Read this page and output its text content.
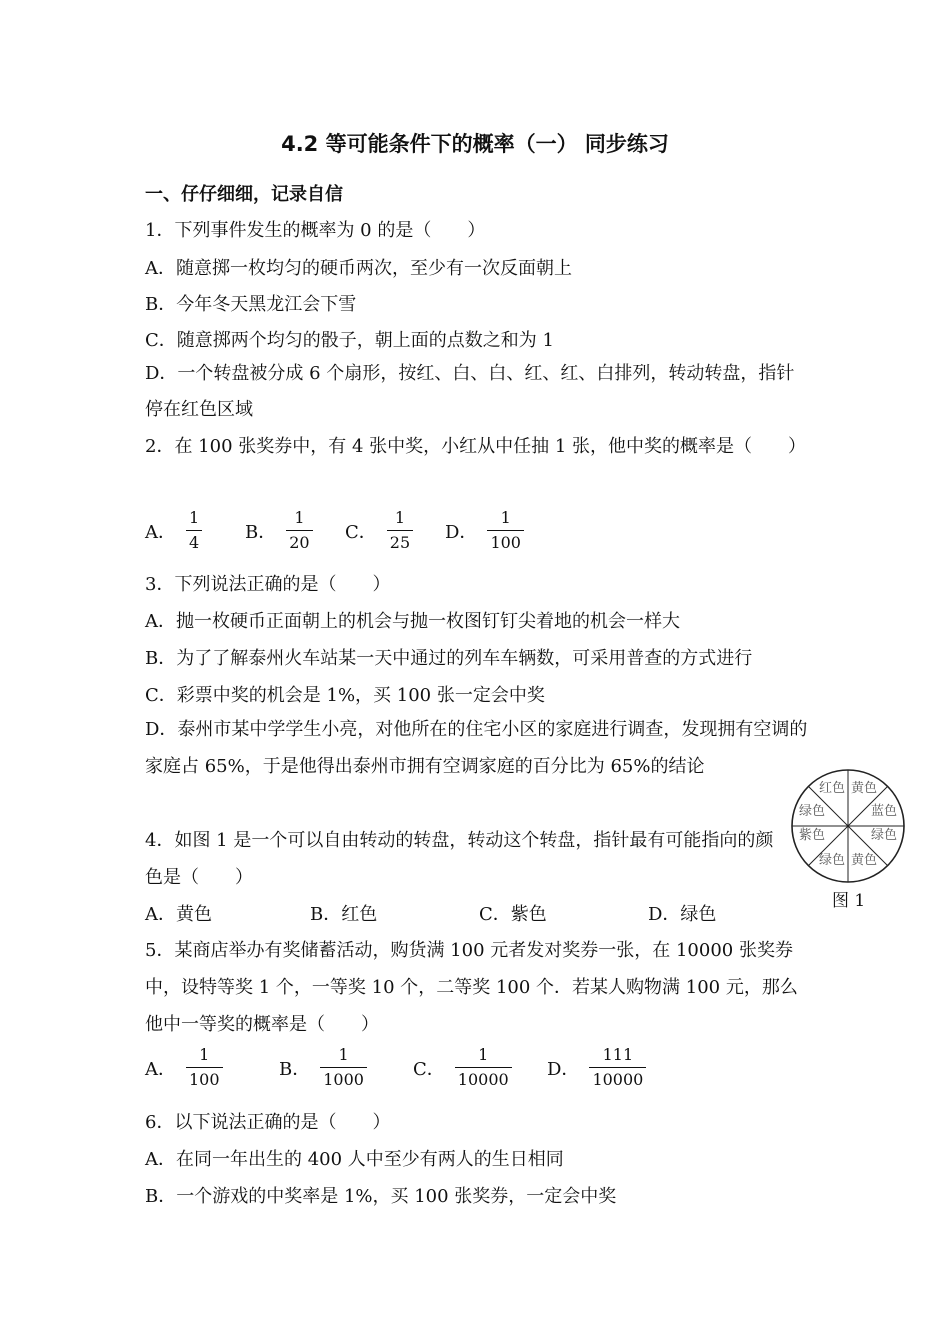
4.2 等可能条件下的概率（一） 同步练习
一、仔仔细细，记录自信
1．下列事件发生的概率为 0 的是（　　）
A．随意掷一枚均匀的硬币两次，至少有一次反面朝上
B．今年冬天黑龙江会下雪
C．随意掷两个均匀的骰子，朝上面的点数之和为 1
D．一个转盘被分成 6 个扇形，按红、白、白、红、红、白排列，转动转盘，指针停在红色区域
2．在 100 张奖券中，有 4 张中奖，小红从中任抽 1 张，他中奖的概率是（　　）
A． $\frac{1}{4}$ B． $\frac{1}{20}$ C． $\frac{1}{25}$ D． $\frac{1}{100}$
3．下列说法正确的是（　　）
A．抛一枚硬币正面朝上的机会与抛一枚图钉钉尖着地的机会一样大
B．为了了解泰州火车站某一天中通过的列车车辆数，可采用普查的方式进行
C．彩票中奖的机会是 1%，买 100 张一定会中奖
D．泰州市某中学学生小亮，对他所在的住宅小区的家庭进行调查，发现拥有空调的家庭占 65%，于是他得出泰州市拥有空调家庭的百分比为 65%的结论
4．如图 1 是一个可以自由转动的转盘，转动这个转盘，指针最有可能指向的颜色是（　　）
A．黄色	B．红色	C．紫色	D．绿色
红色 黄色
蓝色
绿色
黄色
绿色
紫色
绿色
图 1
5．某商店举办有奖储蓄活动，购货满 100 元者发对奖券一张，在 10000 张奖券中，设特等奖 1 个，一等奖 10 个，二等奖 100 个．若某人购物满 100 元，那么他中一等奖的概率是（　　）
A． $\frac{1}{100}$	B． $\frac{1}{1000}$	C． $\frac{1}{10000}$ D． $\frac{111}{10000}$
6．以下说法正确的是（　　）
A．在同一年出生的 400 人中至少有两人的生日相同
B．一个游戏的中奖率是 1%，买 100 张奖券，一定会中奖
